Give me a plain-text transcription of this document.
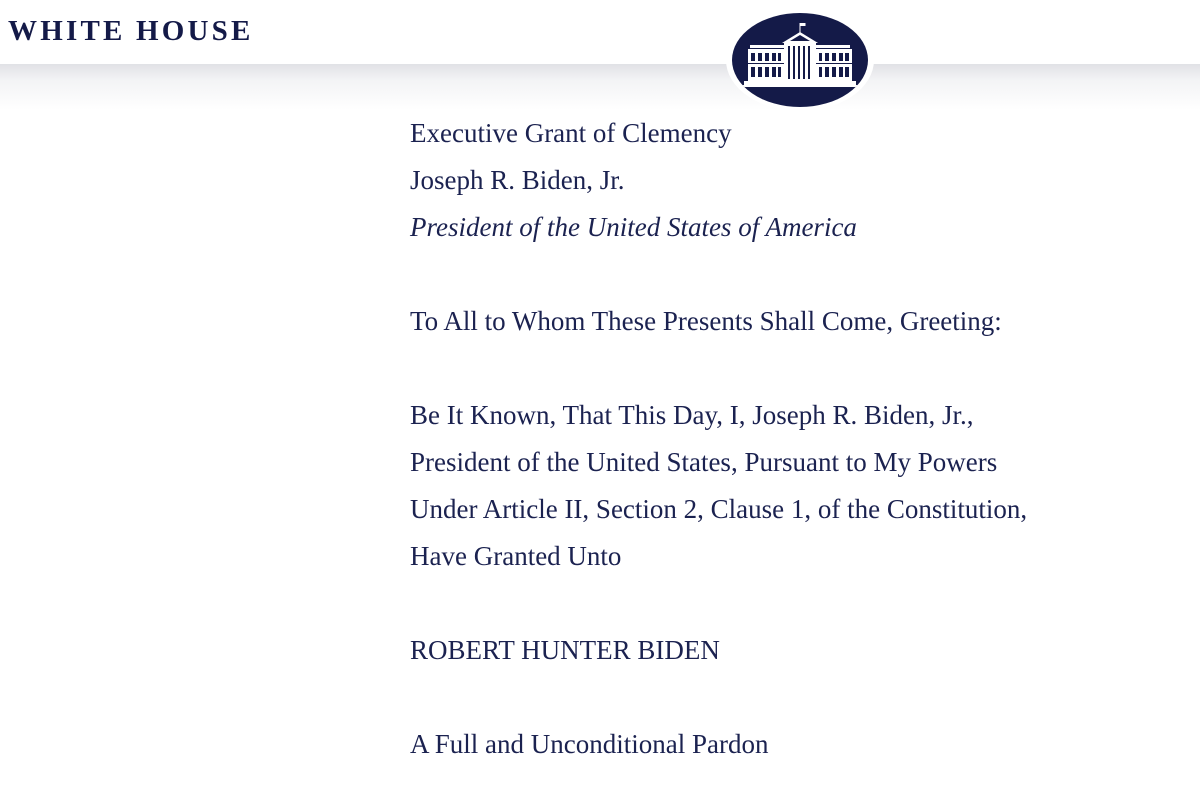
WHITE HOUSE
Executive Grant of Clemency
Joseph R. Biden, Jr.
President of the United States of America
To All to Whom These Presents Shall Come, Greeting:
Be It Known, That This Day, I, Joseph R. Biden, Jr.,
President of the United States, Pursuant to My Powers
Under Article II, Section 2, Clause 1, of the Constitution,
Have Granted Unto
ROBERT HUNTER BIDEN
A Full and Unconditional Pardon
